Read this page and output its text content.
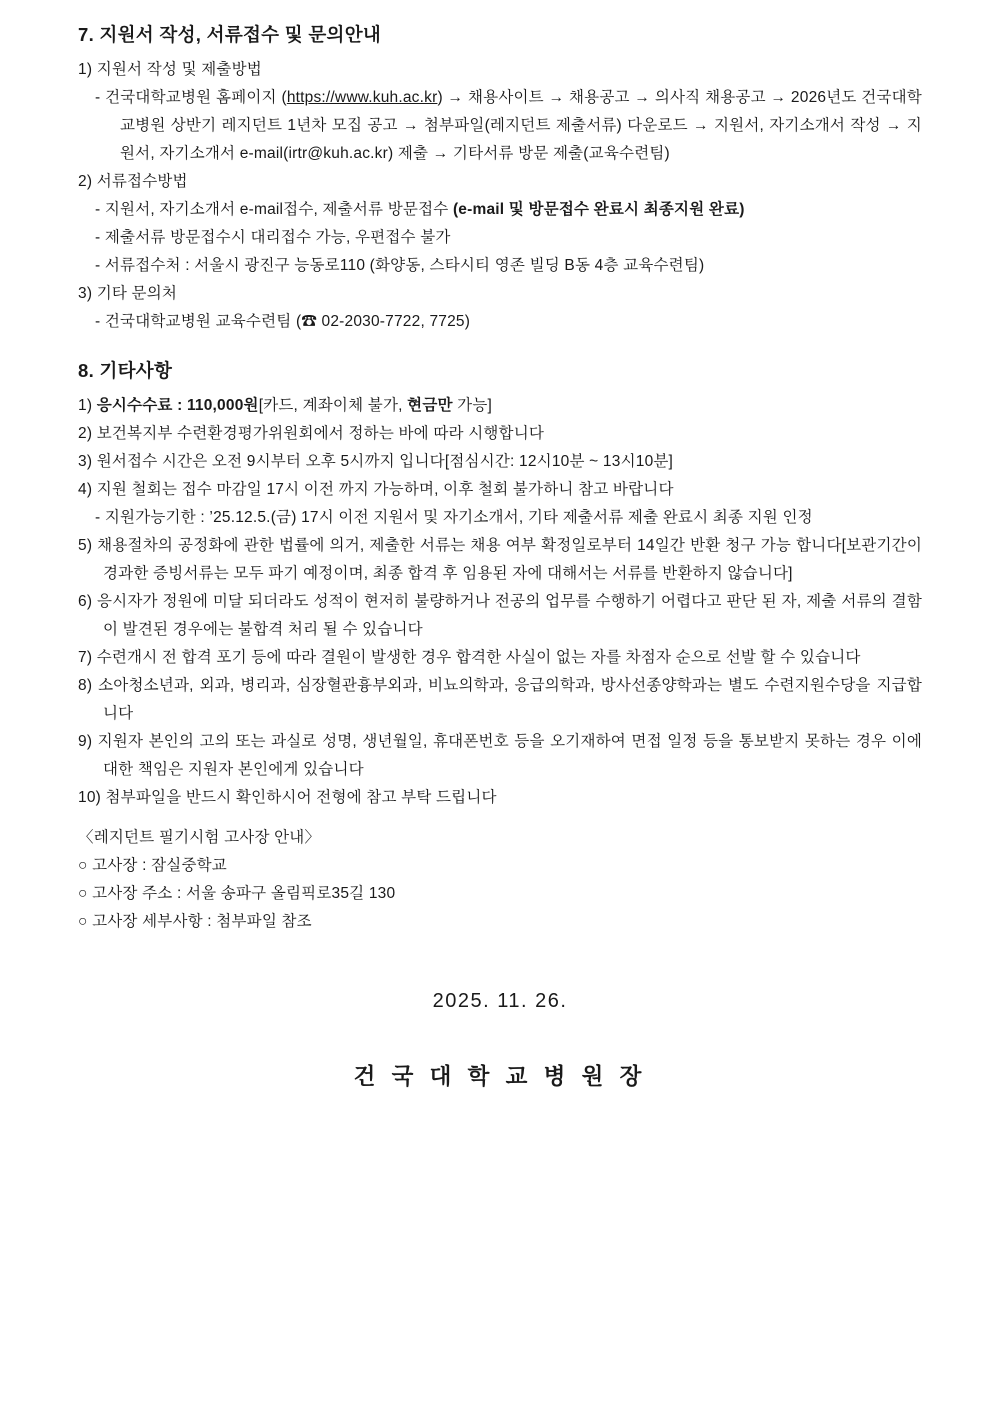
7. 지원서 작성, 서류접수 및 문의안내

1) 지원서 작성 및 제출방법

- 건국대학교병원 홈페이지 (https://www.kuh.ac.kr) → 채용사이트 → 채용공고 → 의사직 채용공고 → 2026년도 건국대학교병원 상반기 레지던트 1년차 모집 공고 → 첨부파일(레지던트 제출서류) 다운로드 → 지원서, 자기소개서 작성 → 지원서, 자기소개서 e-mail(irtr@kuh.ac.kr) 제출 → 기타서류 방문 제출(교육수련팀)

2) 서류접수방법

- 지원서, 자기소개서 e-mail접수, 제출서류 방문접수 (e-mail 및 방문접수 완료시 최종지원 완료)

- 제출서류 방문접수시 대리접수 가능, 우편접수 불가

- 서류접수처 : 서울시 광진구 능동로110 (화양동, 스타시티 영존 빌딩 B동 4층 교육수련팀)

3) 기타 문의처

- 건국대학교병원 교육수련팀 (☎ 02-2030-7722, 7725)

8. 기타사항

1) 응시수수료 : 110,000원[카드, 계좌이체 불가, 현금만 가능]

2) 보건복지부 수련환경평가위원회에서 정하는 바에 따라 시행합니다

3) 원서접수 시간은 오전 9시부터 오후 5시까지 입니다[점심시간: 12시10분 ~ 13시10분]

4) 지원 철회는 접수 마감일 17시 이전 까지 가능하며, 이후 철회 불가하니 참고 바랍니다

- 지원가능기한 : ’25.12.5.(금) 17시 이전 지원서 및 자기소개서, 기타 제출서류 제출 완료시 최종 지원 인정

5) 채용절차의 공정화에 관한 법률에 의거, 제출한 서류는 채용 여부 확정일로부터 14일간 반환 청구 가능 합니다[보관기간이 경과한 증빙서류는 모두 파기 예정이며, 최종 합격 후 임용된 자에 대해서는 서류를 반환하지 않습니다]

6) 응시자가 정원에 미달 되더라도 성적이 현저히 불량하거나 전공의 업무를 수행하기 어렵다고 판단 된 자, 제출 서류의 결함이 발견된 경우에는 불합격 처리 될 수 있습니다

7) 수련개시 전 합격 포기 등에 따라 결원이 발생한 경우 합격한 사실이 없는 자를 차점자 순으로 선발 할 수 있습니다

8) 소아청소년과, 외과, 병리과, 심장혈관흉부외과, 비뇨의학과, 응급의학과, 방사선종양학과는 별도 수련지원수당을 지급합니다

9) 지원자 본인의 고의 또는 과실로 성명, 생년월일, 휴대폰번호 등을 오기재하여 면접 일정 등을 통보받지 못하는 경우 이에 대한 책임은 지원자 본인에게 있습니다

10) 첨부파일을 반드시 확인하시어 전형에 참고 부탁 드립니다

〈레지던트 필기시험 고사장 안내〉

○ 고사장 : 잠실중학교

○ 고사장 주소 : 서울 송파구 올림픽로35길 130

○ 고사장 세부사항 : 첨부파일 참조

2025. 11. 26.

건 국 대 학 교 병 원 장
